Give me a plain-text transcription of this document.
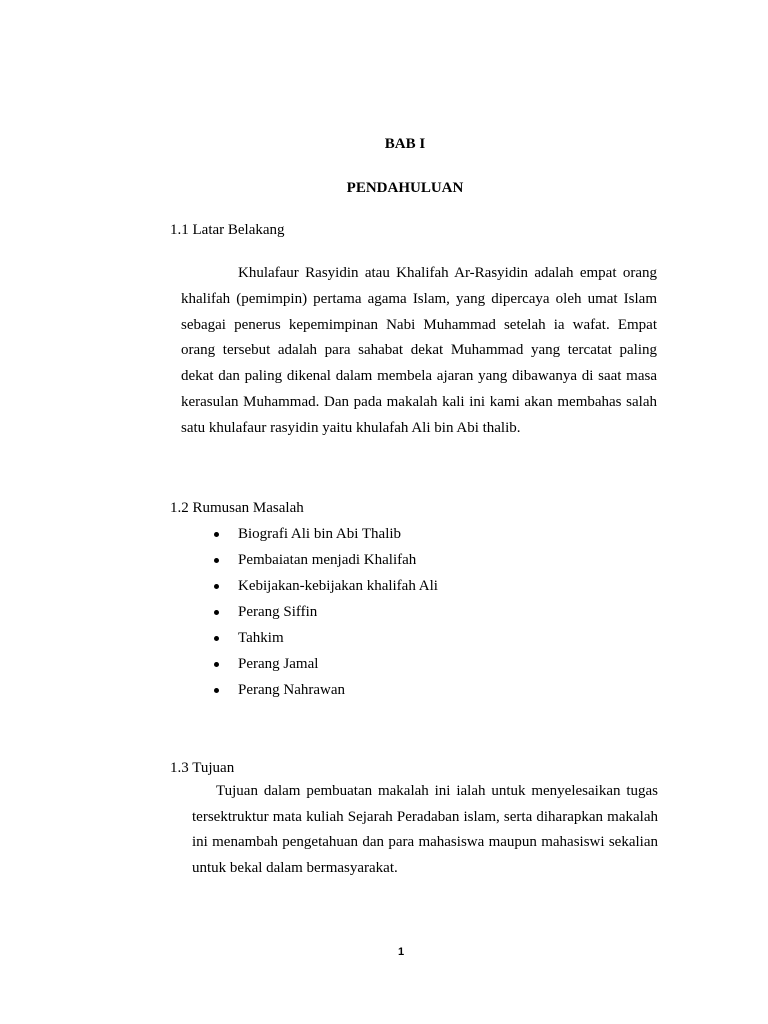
BAB I
PENDAHULUAN
1.1 Latar Belakang

Khulafaur Rasyidin atau Khalifah Ar-Rasyidin adalah empat orang khalifah (pemimpin) pertama agama Islam, yang dipercaya oleh umat Islam sebagai penerus kepemimpinan Nabi Muhammad setelah ia wafat. Empat orang tersebut adalah para sahabat dekat Muhammad yang tercatat paling dekat dan paling dikenal dalam membela ajaran yang dibawanya di saat masa kerasulan Muhammad. Dan pada makalah kali ini kami akan membahas salah satu khulafaur rasyidin yaitu khulafah Ali bin Abi thalib.

1.2 Rumusan Masalah
Biografi Ali bin Abi Thalib
Pembaiatan menjadi Khalifah
Kebijakan-kebijakan khalifah Ali
Perang Siffin
Tahkim
Perang Jamal
Perang Nahrawan
1.3 Tujuan

Tujuan dalam pembuatan makalah ini ialah untuk menyelesaikan tugas tersektruktur mata kuliah Sejarah Peradaban islam, serta diharapkan makalah ini menambah pengetahuan dan para mahasiswa maupun mahasiswi sekalian untuk bekal dalam bermasyarakat.

1
